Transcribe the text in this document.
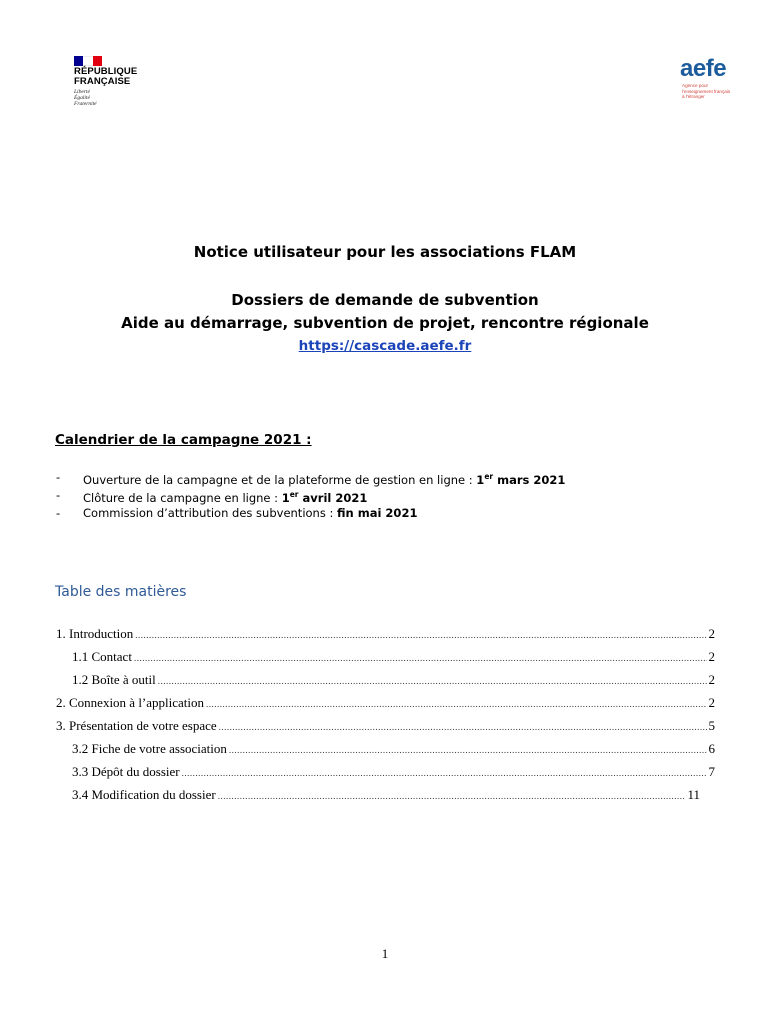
RÉPUBLIQUE
FRANÇAISE
Liberté
Égalité
Fraternité
aefe
Agence pour
l'enseignement français
à l'étranger
Notice utilisateur pour les associations FLAM
Dossiers de demande de subvention
Aide au démarrage, subvention de projet, rencontre régionale
https://cascade.aefe.fr
Calendrier de la campagne 2021 :
- Ouverture de la campagne et de la plateforme de gestion en ligne : 1er mars 2021
- Clôture de la campagne en ligne : 1er avril 2021
- Commission d’attribution des subventions : fin mai 2021
Table des matières
1. Introduction .....	2
1.1 Contact .....	2
1.2 Boîte à outil .....	2
2. Connexion à l’application .....	2
3. Présentation de votre espace .....	5
3.2 Fiche de votre association .....	6
3.3 Dépôt du dossier .....	7
3.4 Modification du dossier .....	11
1
